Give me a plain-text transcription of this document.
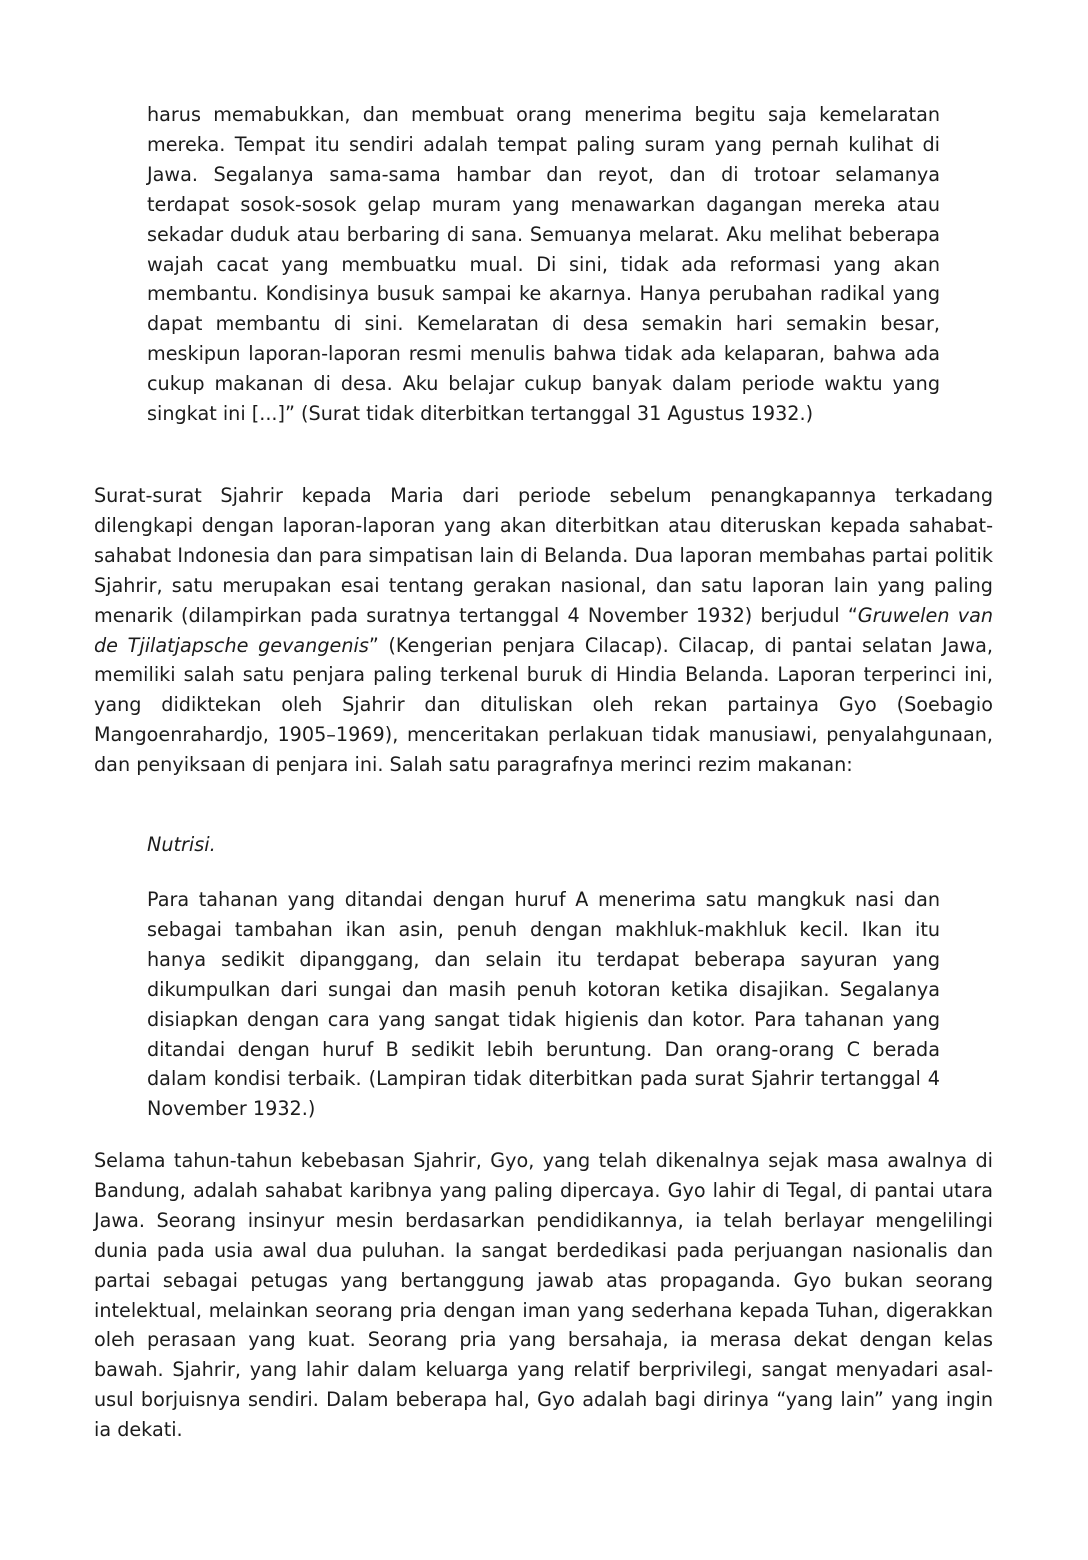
harus memabukkan, dan membuat orang menerima begitu saja kemelaratan mereka. Tempat itu sendiri adalah tempat paling suram yang pernah kulihat di Jawa. Segalanya sama-sama hambar dan reyot, dan di trotoar selamanya terdapat sosok-sosok gelap muram yang menawarkan dagangan mereka atau sekadar duduk atau berbaring di sana. Semuanya melarat. Aku melihat beberapa wajah cacat yang membuatku mual. Di sini, tidak ada reformasi yang akan membantu. Kondisinya busuk sampai ke akarnya. Hanya perubahan radikal yang dapat membantu di sini. Kemelaratan di desa semakin hari semakin besar, meskipun laporan-laporan resmi menulis bahwa tidak ada kelaparan, bahwa ada cukup makanan di desa. Aku belajar cukup banyak dalam periode waktu yang singkat ini [...]” (Surat tidak diterbitkan tertanggal 31 Agustus 1932.)

Surat-surat Sjahrir kepada Maria dari periode sebelum penangkapannya terkadang dilengkapi dengan laporan-laporan yang akan diterbitkan atau diteruskan kepada sahabat-sahabat Indonesia dan para simpatisan lain di Belanda. Dua laporan membahas partai politik Sjahrir, satu merupakan esai tentang gerakan nasional, dan satu laporan lain yang paling menarik (dilampirkan pada suratnya tertanggal 4 November 1932) berjudul “Gruwelen van de Tjilatjapsche gevangenis” (Kengerian penjara Cilacap). Cilacap, di pantai selatan Jawa, memiliki salah satu penjara paling terkenal buruk di Hindia Belanda. Laporan terperinci ini, yang didiktekan oleh Sjahrir dan dituliskan oleh rekan partainya Gyo (Soebagio Mangoenrahardjo, 1905–1969), menceritakan perlakuan tidak manusiawi, penyalahgunaan, dan penyiksaan di penjara ini. Salah satu paragrafnya merinci rezim makanan:

Nutrisi.

Para tahanan yang ditandai dengan huruf A menerima satu mangkuk nasi dan sebagai tambahan ikan asin, penuh dengan makhluk-makhluk kecil. Ikan itu hanya sedikit dipanggang, dan selain itu terdapat beberapa sayuran yang dikumpulkan dari sungai dan masih penuh kotoran ketika disajikan. Segalanya disiapkan dengan cara yang sangat tidak higienis dan kotor. Para tahanan yang ditandai dengan huruf B sedikit lebih beruntung. Dan orang-orang C berada dalam kondisi terbaik. (Lampiran tidak diterbitkan pada surat Sjahrir tertanggal 4 November 1932.)

Selama tahun-tahun kebebasan Sjahrir, Gyo, yang telah dikenalnya sejak masa awalnya di Bandung, adalah sahabat karibnya yang paling dipercaya. Gyo lahir di Tegal, di pantai utara Jawa. Seorang insinyur mesin berdasarkan pendidikannya, ia telah berlayar mengelilingi dunia pada usia awal dua puluhan. Ia sangat berdedikasi pada perjuangan nasionalis dan partai sebagai petugas yang bertanggung jawab atas propaganda. Gyo bukan seorang intelektual, melainkan seorang pria dengan iman yang sederhana kepada Tuhan, digerakkan oleh perasaan yang kuat. Seorang pria yang bersahaja, ia merasa dekat dengan kelas bawah. Sjahrir, yang lahir dalam keluarga yang relatif berprivilegi, sangat menyadari asal-usul borjuisnya sendiri. Dalam beberapa hal, Gyo adalah bagi dirinya “yang lain” yang ingin ia dekati.
